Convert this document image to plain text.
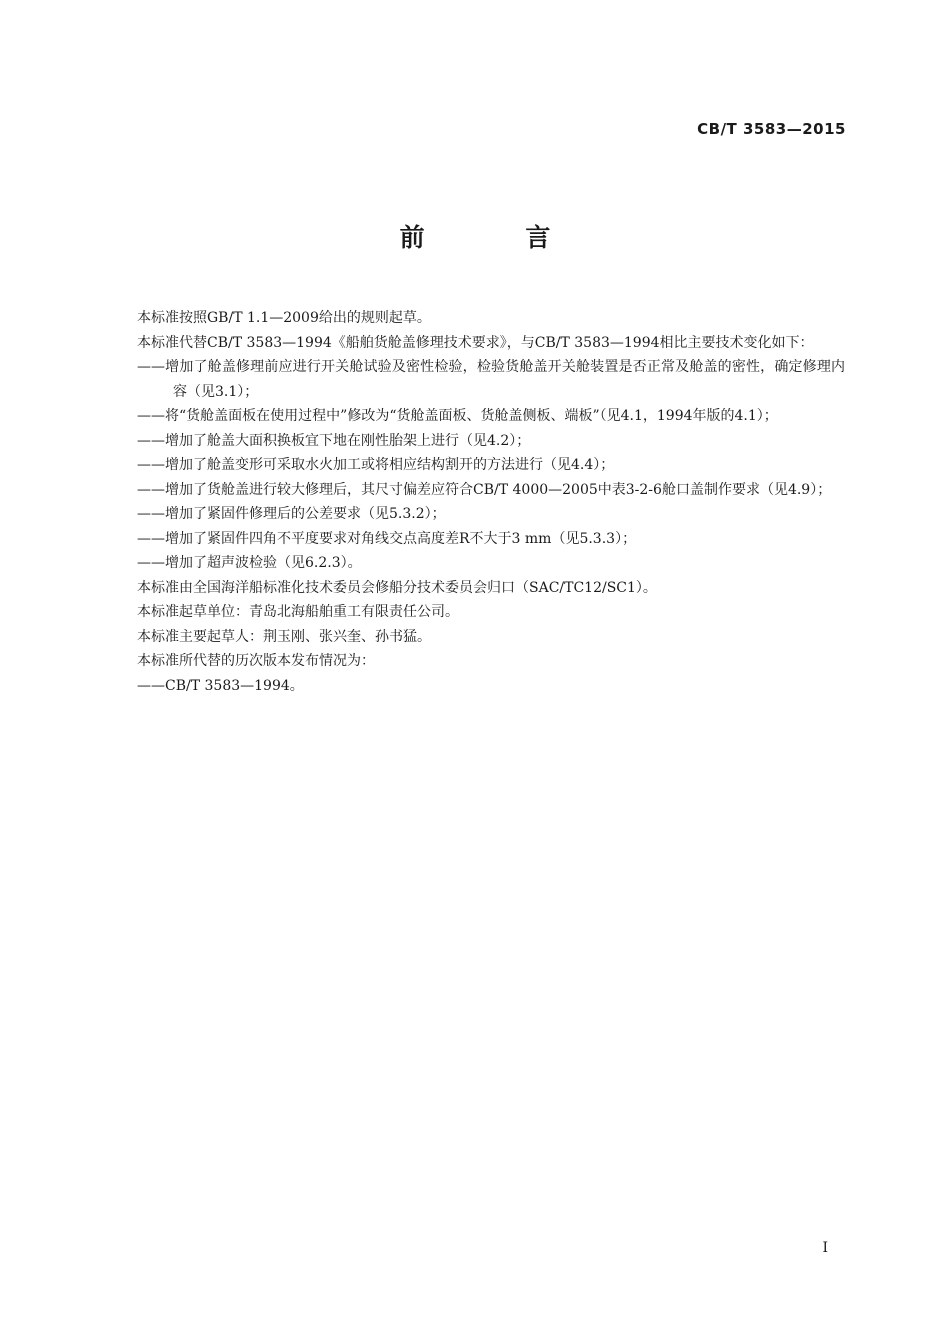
CB/T 3583—2015
前 言

本标准按照GB/T 1.1—2009给出的规则起草。

本标准代替CB/T 3583—1994《船舶货舱盖修理技术要求》，与CB/T 3583—1994相比主要技术变化如下：

——增加了舱盖修理前应进行开关舱试验及密性检验，检验货舱盖开关舱装置是否正常及舱盖的密性，确定修理内容（见3.1）；

——将“货舱盖面板在使用过程中”修改为“货舱盖面板、货舱盖侧板、端板”（见4.1，1994年版的4.1）；

——增加了舱盖大面积换板宜下地在刚性胎架上进行（见4.2）；

——增加了舱盖变形可采取水火加工或将相应结构割开的方法进行（见4.4）；

——增加了货舱盖进行较大修理后，其尺寸偏差应符合CB/T 4000—2005中表3-2-6舱口盖制作要求（见4.9）；

——增加了紧固件修理后的公差要求（见5.3.2）；

——增加了紧固件四角不平度要求对角线交点高度差R不大于3 mm（见5.3.3）；

——增加了超声波检验（见6.2.3）。

本标准由全国海洋船标准化技术委员会修船分技术委员会归口（SAC/TC12/SC1）。

本标准起草单位：青岛北海船舶重工有限责任公司。

本标准主要起草人：荆玉刚、张兴奎、孙书猛。

本标准所代替的历次版本发布情况为：

——CB/T 3583—1994。

I
